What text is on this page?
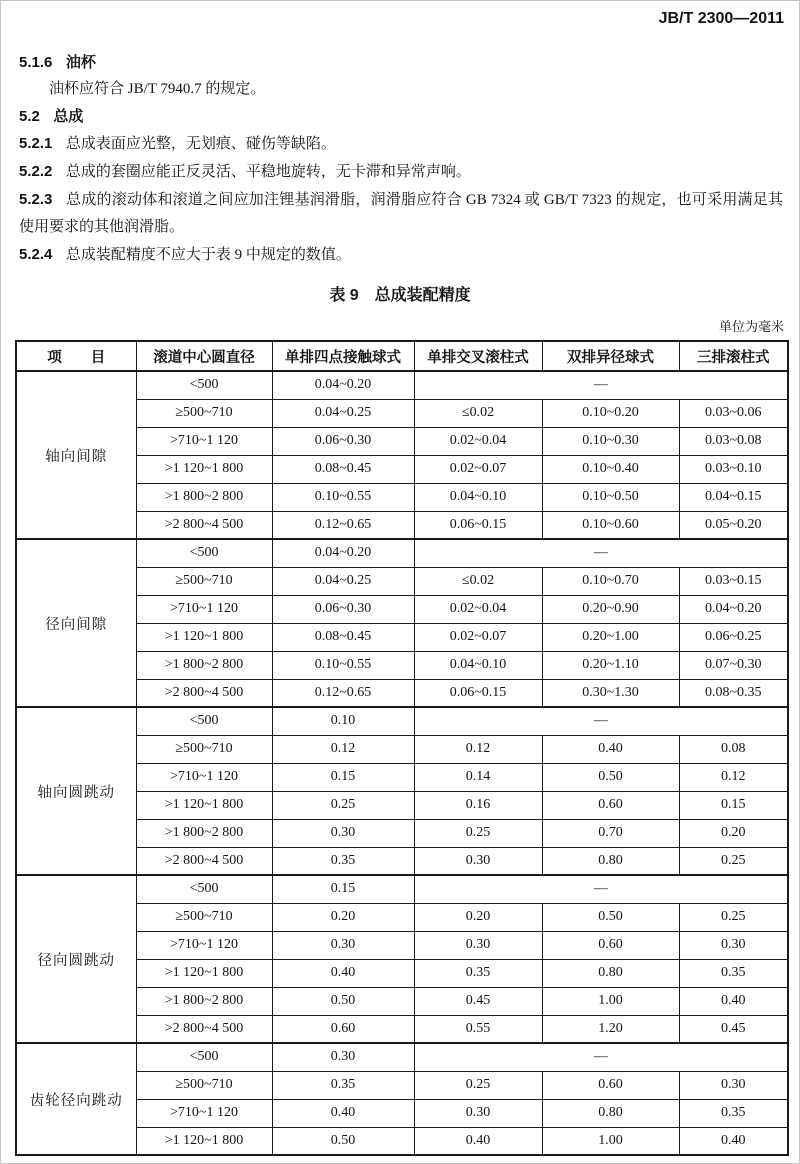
JB/T 2300—2011

5.1.6 油杯

油杯应符合 JB/T 7940.7 的规定。

5.2 总成

5.2.1 总成表面应光整，无划痕、碰伤等缺陷。

5.2.2 总成的套圈应能正反灵活、平稳地旋转，无卡滞和异常声响。

5.2.3 总成的滚动体和滚道之间应加注锂基润滑脂，润滑脂应符合 GB 7324 或 GB/T 7323 的规定，也可采用满足其使用要求的其他润滑脂。

5.2.4 总成装配精度不应大于表 9 中规定的数值。

表 9　总成装配精度
单位为毫米
项　　目	滚道中心圆直径	单排四点接触球式	单排交叉滚柱式	双排异径球式	三排滚柱式
轴向间隙	<500	0.04~0.20	—		
	≥500~710	0.04~0.25	≤0.02	0.10~0.20	0.03~0.06
	>710~1 120	0.06~0.30	0.02~0.04	0.10~0.30	0.03~0.08
	>1 120~1 800	0.08~0.45	0.02~0.07	0.10~0.40	0.03~0.10
	>1 800~2 800	0.10~0.55	0.04~0.10	0.10~0.50	0.04~0.15
	>2 800~4 500	0.12~0.65	0.06~0.15	0.10~0.60	0.05~0.20
径向间隙	<500	0.04~0.20	—		
	≥500~710	0.04~0.25	≤0.02	0.10~0.70	0.03~0.15
	>710~1 120	0.06~0.30	0.02~0.04	0.20~0.90	0.04~0.20
	>1 120~1 800	0.08~0.45	0.02~0.07	0.20~1.00	0.06~0.25
	>1 800~2 800	0.10~0.55	0.04~0.10	0.20~1.10	0.07~0.30
	>2 800~4 500	0.12~0.65	0.06~0.15	0.30~1.30	0.08~0.35
轴向圆跳动	<500	0.10	—		
	≥500~710	0.12	0.12	0.40	0.08
	>710~1 120	0.15	0.14	0.50	0.12
	>1 120~1 800	0.25	0.16	0.60	0.15
	>1 800~2 800	0.30	0.25	0.70	0.20
	>2 800~4 500	0.35	0.30	0.80	0.25
径向圆跳动	<500	0.15	—		
	≥500~710	0.20	0.20	0.50	0.25
	>710~1 120	0.30	0.30	0.60	0.30
	>1 120~1 800	0.40	0.35	0.80	0.35
	>1 800~2 800	0.50	0.45	1.00	0.40
	>2 800~4 500	0.60	0.55	1.20	0.45
齿轮径向跳动	<500	0.30	—		
	≥500~710	0.35	0.25	0.60	0.30
	>710~1 120	0.40	0.30	0.80	0.35
	>1 120~1 800	0.50	0.40	1.00	0.40
